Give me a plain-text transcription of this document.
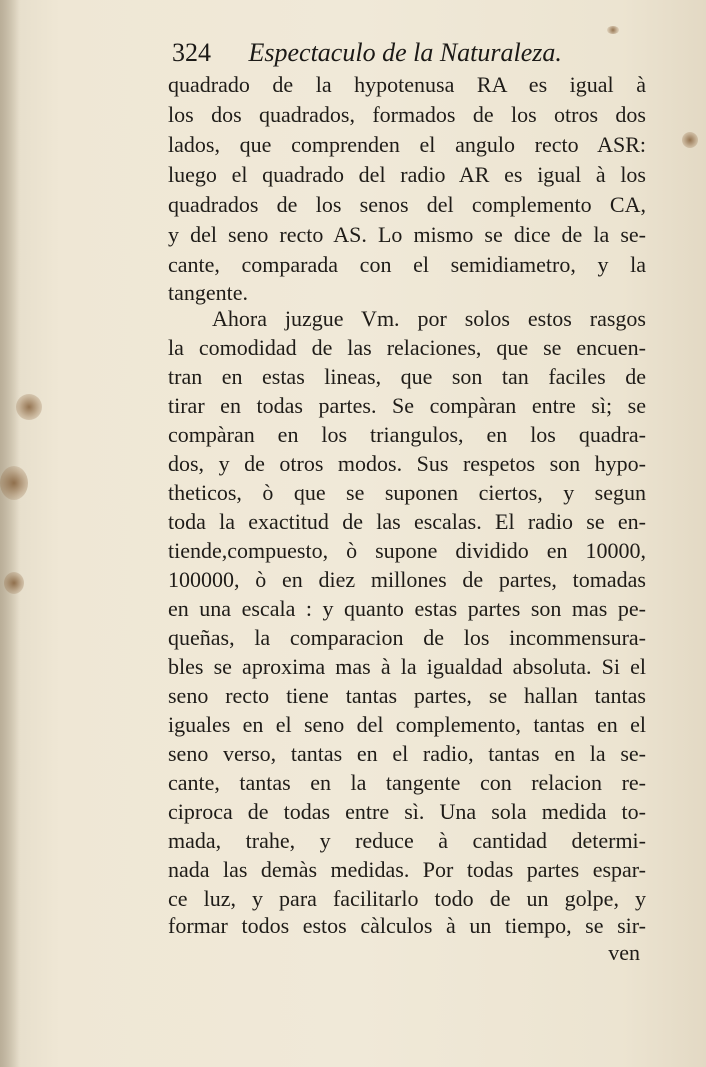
324 Espectaculo de la Naturaleza.
quadrado de la hypotenusa RA es igual à
los dos quadrados, formados de los otros dos
lados, que comprenden el angulo recto ASR:
luego el quadrado del radio AR es igual à los
quadrados de los senos del complemento CA,
y del seno recto AS. Lo mismo se dice de la se-
cante, comparada con el semidiametro, y la
tangente.
Ahora juzgue Vm. por solos estos rasgos
la comodidad de las relaciones, que se encuen-
tran en estas lineas, que son tan faciles de
tirar en todas partes. Se compàran entre sì; se
compàran en los triangulos, en los quadra-
dos, y de otros modos. Sus respetos son hypo-
theticos, ò que se suponen ciertos, y segun
toda la exactitud de las escalas. El radio se en-
tiende,compuesto, ò supone dividido en 10000,
100000, ò en diez millones de partes, tomadas
en una escala : y quanto estas partes son mas pe-
queñas, la comparacion de los incommensura-
bles se aproxima mas à la igualdad absoluta. Si el
seno recto tiene tantas partes, se hallan tantas
iguales en el seno del complemento, tantas en el
seno verso, tantas en el radio, tantas en la se-
cante, tantas en la tangente con relacion re-
ciproca de todas entre sì. Una sola medida to-
mada, trahe, y reduce à cantidad determi-
nada las demàs medidas. Por todas partes espar-
ce luz, y para facilitarlo todo de un golpe, y
formar todos estos càlculos à un tiempo, se sir-
ven
